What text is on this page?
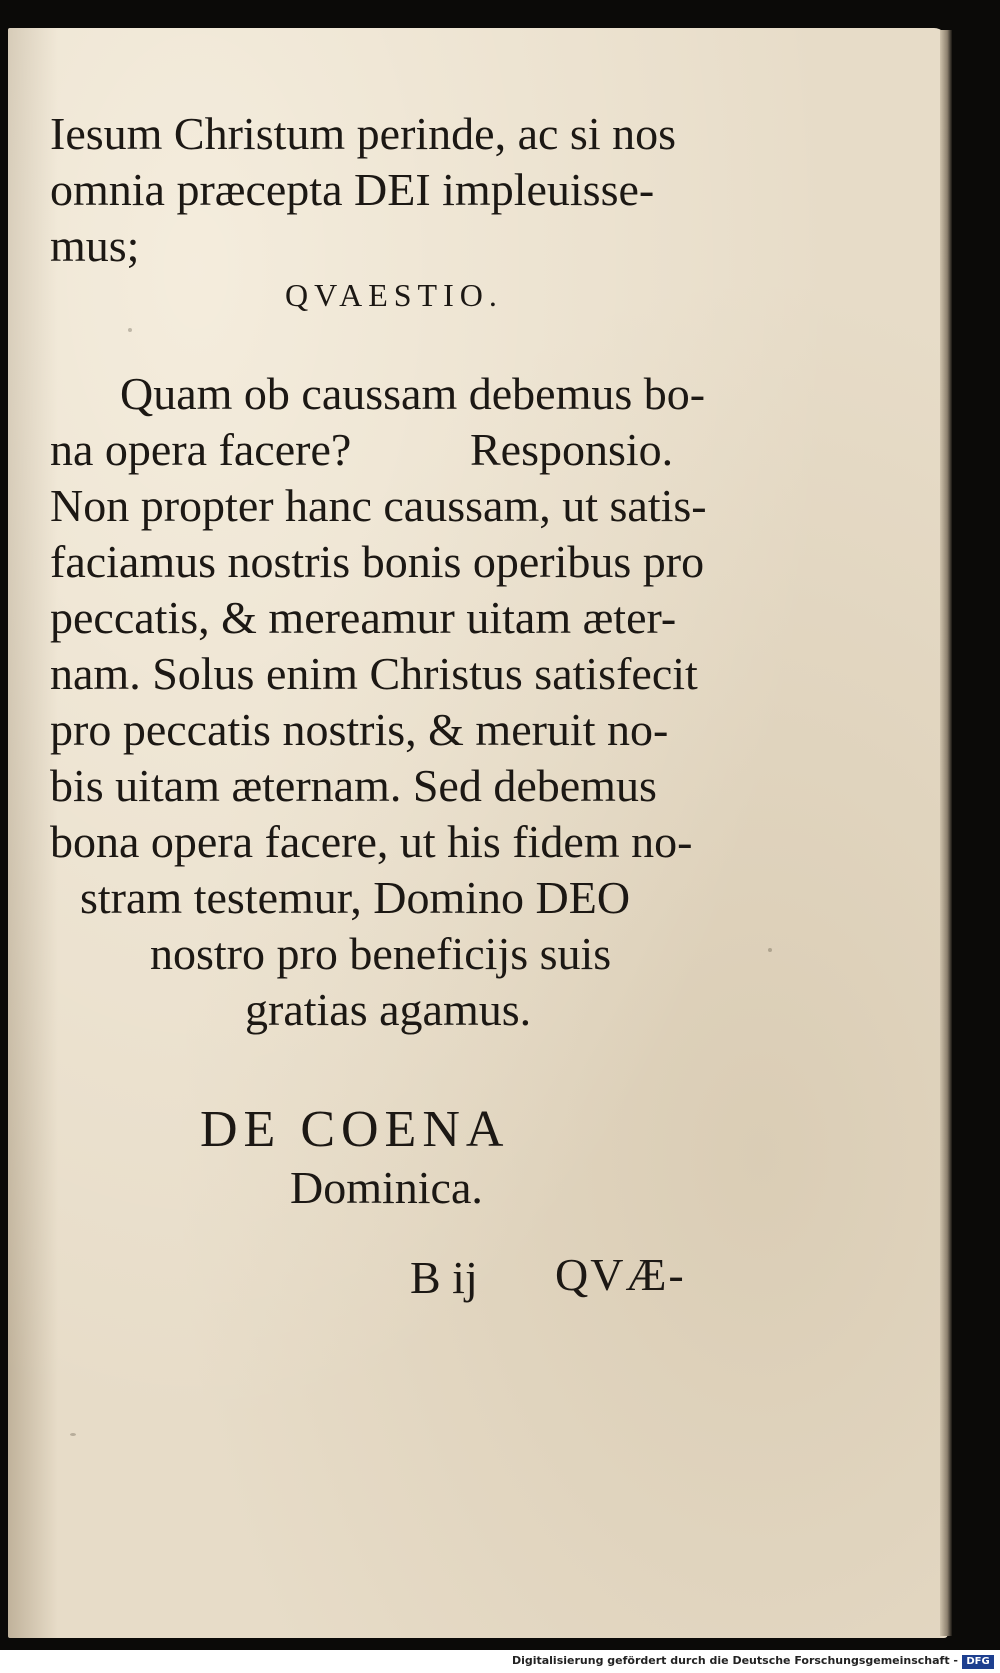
Iesum Christum perinde, ac si nos
omnia præcepta DEI impleuisse-
mus;
QVAESTIO.
Quam ob caussam debemus bo-
na opera facere?	Responsio.
Non propter hanc caussam, ut satis-
faciamus nostris bonis operibus pro
peccatis, & mereamur uitam æter-
nam. Solus enim Christus satisfecit
pro peccatis nostris, & meruit no-
bis uitam æternam. Sed debemus
bona opera facere, ut his fidem no-
stram testemur, Domino DEO
nostro pro beneficijs suis
gratias agamus.
DE COENA
Dominica.
B ij QVÆ-
Digitalisierung gefördert durch die Deutsche Forschungsgemeinschaft - DFG
